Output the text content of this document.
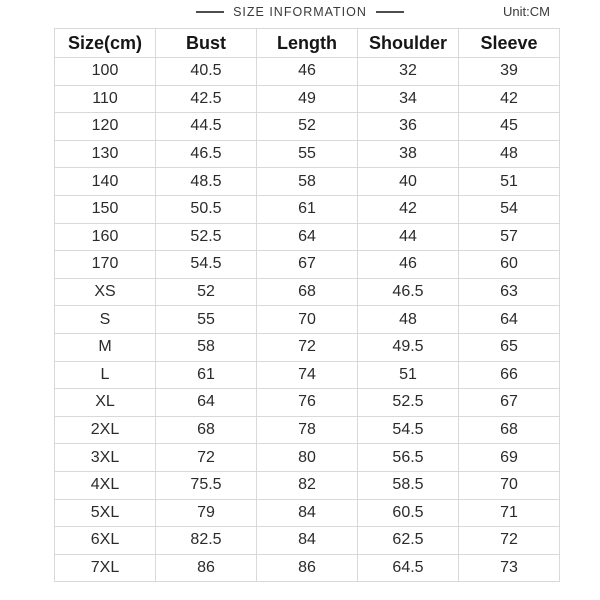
SIZE INFORMATION	Unit:CM
Size(cm)	Bust	Length	Shoulder	Sleeve
100	40.5	46	32	39
110	42.5	49	34	42
120	44.5	52	36	45
130	46.5	55	38	48
140	48.5	58	40	51
150	50.5	61	42	54
160	52.5	64	44	57
170	54.5	67	46	60
XS	52	68	46.5	63
S	55	70	48	64
M	58	72	49.5	65
L	61	74	51	66
XL	64	76	52.5	67
2XL	68	78	54.5	68
3XL	72	80	56.5	69
4XL	75.5	82	58.5	70
5XL	79	84	60.5	71
6XL	82.5	84	62.5	72
7XL	86	86	64.5	73
